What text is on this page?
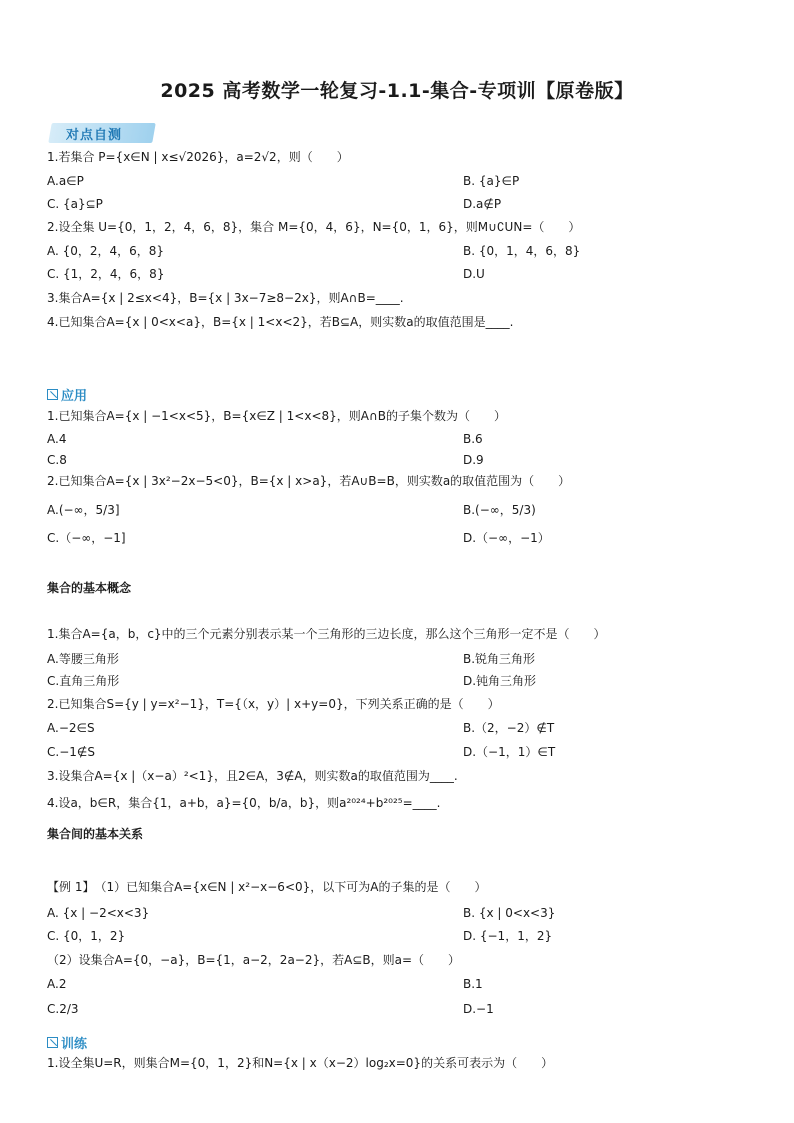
2025 高考数学一轮复习-1.1-集合-专项训【原卷版】
对点自测
1.若集合 P={x∈N | x≤√2026}，a=2√2，则（　　）
A.a∈P	B. {a}∈P
C. {a}⊆P	D.a∉P
2.设全集 U={0，1，2，4，6，8}，集合 M={0，4，6}，N={0，1，6}，则M∪∁UN=（　　）
A. {0，2，4，6，8}	B. {0，1，4，6，8}
C. {1，2，4，6，8}	D.U
3.集合A={x | 2≤x<4}，B={x | 3x−7≥8−2x}，则A∩B=____.
4.已知集合A={x | 0<x<a}，B={x | 1<x<2}，若B⊆A，则实数a的取值范围是____.
应用
1.已知集合A={x | −1<x<5}，B={x∈Z | 1<x<8}，则A∩B的子集个数为（　　）
A.4	B.6
C.8	D.9
2.已知集合A={x | 3x²−2x−5<0}，B={x | x>a}，若A∪B=B，则实数a的取值范围为（　　）
A.(−∞，5/3]	B.(−∞，5/3)
C.（−∞，−1]	D.（−∞，−1）
集合的基本概念
1.集合A={a，b，c}中的三个元素分别表示某一个三角形的三边长度，那么这个三角形一定不是（　　）
A.等腰三角形	B.锐角三角形
C.直角三角形	D.钝角三角形
2.已知集合S={y | y=x²−1}，T={（x，y）| x+y=0}，下列关系正确的是（　　）
A.−2∈S	B.（2，−2）∉T
C.−1∉S	D.（−1，1）∈T
3.设集合A={x |（x−a）²<1}，且2∈A，3∉A，则实数a的取值范围为____.
4.设a，b∈R，集合{1，a+b，a}={0，b/a，b}，则a²⁰²⁴+b²⁰²⁵=____.
集合间的基本关系
【例 1】　（1）已知集合A={x∈N | x²−x−6<0}，以下可为A的子集的是（　　）
A. {x | −2<x<3}	B. {x | 0<x<3}
C. {0，1，2}	D. {−1，1，2}
（2）设集合A={0，−a}，B={1，a−2，2a−2}，若A⊆B，则a=（　　）
A.2	B.1
C.2/3	D.−1
训练
1.设全集U=R，则集合M={0，1，2}和N={x | x（x−2）log₂x=0}的关系可表示为（　　）
